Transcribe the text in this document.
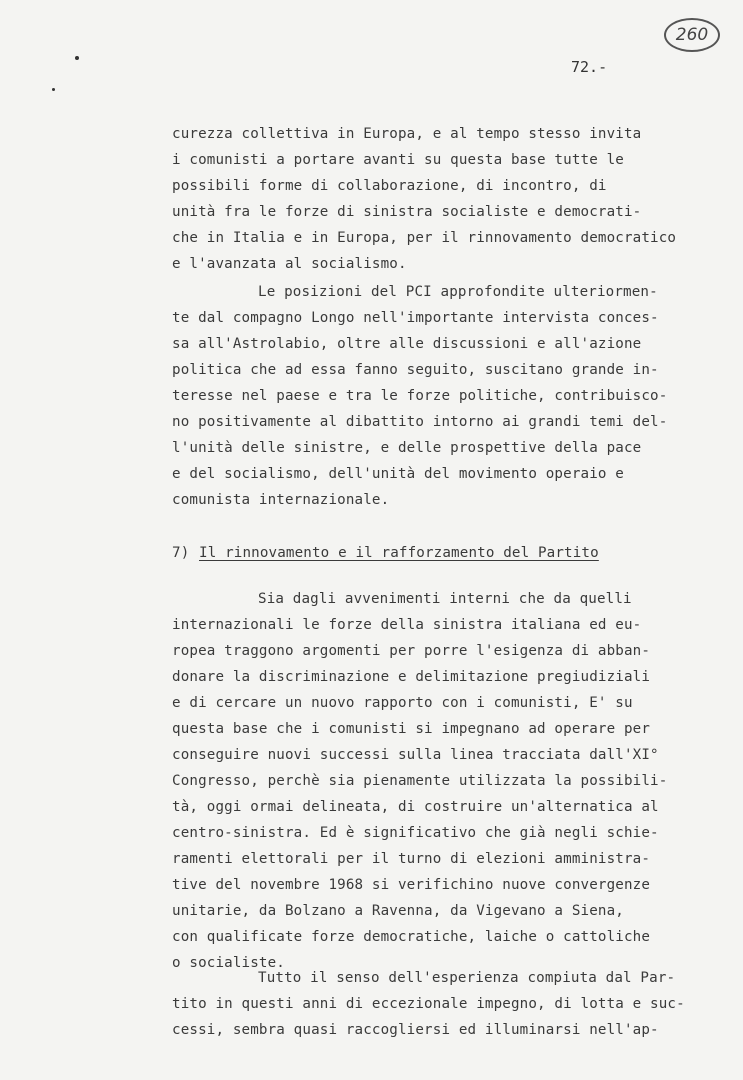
260
72.-
curezza collettiva in Europa, e al tempo stesso invita
i comunisti a portare avanti su questa base tutte le
possibili forme di collaborazione, di incontro, di
unità fra le forze di sinistra socialiste e democrati-
che in Italia e in Europa, per il rinnovamento democratico
e l'avanzata al socialismo.
Le posizioni del PCI approfondite ulteriormen-
te dal compagno Longo nell'importante intervista conces-
sa all'Astrolabio, oltre alle discussioni e all'azione
politica che ad essa fanno seguito, suscitano grande in-
teresse nel paese e tra le forze politiche, contribuisco-
no positivamente al dibattito intorno ai grandi temi del-
l'unità delle sinistre, e delle prospettive della pace
e del socialismo, dell'unità del movimento operaio e
comunista internazionale.
7) Il rinnovamento e il rafforzamento del Partito
Sia dagli avvenimenti interni che da quelli
internazionali le forze della sinistra italiana ed eu-
ropea traggono argomenti per porre l'esigenza di abban-
donare la discriminazione e delimitazione pregiudiziali
e di cercare un nuovo rapporto con i comunisti, E' su
questa base che i comunisti si impegnano ad operare per
conseguire nuovi successi sulla linea tracciata dall'XI°
Congresso, perchè sia pienamente utilizzata la possibili-
tà, oggi ormai delineata, di costruire un'alternatica al
centro-sinistra. Ed è significativo che già negli schie-
ramenti elettorali per il turno di elezioni amministra-
tive del novembre 1968 si verifichino nuove convergenze
unitarie, da Bolzano a Ravenna, da Vigevano a Siena,
con qualificate forze democratiche, laiche o cattoliche
o socialiste.
Tutto il senso dell'esperienza compiuta dal Par-
tito in questi anni di eccezionale impegno, di lotta e suc-
cessi, sembra quasi raccogliersi ed illuminarsi nell'ap-
